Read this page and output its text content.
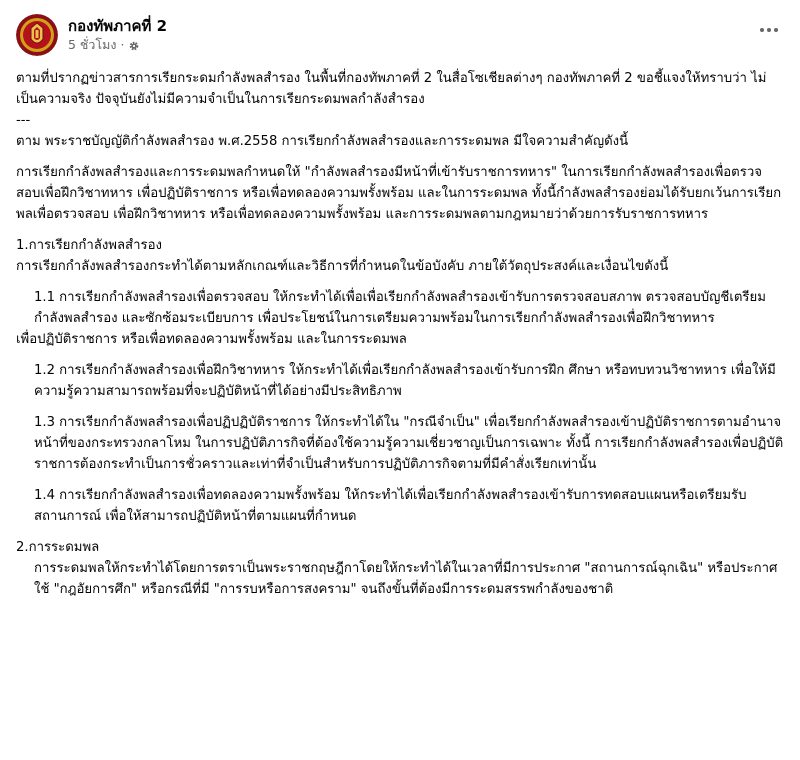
กองทัพภาคที่ 2
5 ชั่วโมง ·

ตามที่ปรากฏข่าวสารการเรียกระดมกำลังพลสำรอง ในพื้นที่กองทัพภาคที่ 2 ในสื่อโซเชียลต่างๆ กองทัพภาคที่ 2 ขอชี้แจงให้ทราบว่า ไม่เป็นความจริง ปัจจุบันยังไม่มีความจำเป็นในการเรียกระดมพลกำลังสำรอง

---

ตาม พระราชบัญญัติกำลังพลสำรอง พ.ศ.2558 การเรียกกำลังพลสำรองและการระดมพล มีใจความสำคัญดังนี้

การเรียกกำลังพลสำรองและการระดมพลกำหนดให้ "กำลังพลสำรองมีหน้าที่เข้ารับราชการทหาร" ในการเรียกกำลังพลสำรองเพื่อตรวจสอบเพื่อฝึกวิชาทหาร เพื่อปฏิบัติราชการ หรือเพื่อทดลองความพรั้งพร้อม และในการระดมพล ทั้งนี้กำลังพลสำรองย่อมได้รับยกเว้นการเรียกพลเพื่อตรวจสอบ เพื่อฝึกวิชาทหาร หรือเพื่อทดลองความพรั้งพร้อม และการระดมพลตามกฎหมายว่าด้วยการรับราชการทหาร

1.การเรียกกำลังพลสำรอง

การเรียกกำลังพลสำรองกระทำได้ตามหลักเกณฑ์และวิธีการที่กำหนดในข้อบังคับ ภายใต้วัตถุประสงค์และเงื่อนไขดังนี้

1.1 การเรียกกำลังพลสำรองเพื่อตรวจสอบ ให้กระทำได้เพื่อเพื่อเรียกกำลังพลสำรองเข้ารับการตรวจสอบสภาพ ตรวจสอบบัญชีเตรียมกำลังพลสำรอง และซักซ้อมระเบียบการ เพื่อประโยชน์ในการเตรียมความพร้อมในการเรียกกำลังพลสำรองเพื่อฝึกวิชาทหาร

เพื่อปฏิบัติราชการ หรือเพื่อทดลองความพรั้งพร้อม และในการระดมพล

1.2 การเรียกกำลังพลสำรองเพื่อฝึกวิชาทหาร ให้กระทำได้เพื่อเรียกกำลังพลสำรองเข้ารับการฝึก ศึกษา หรือทบทวนวิชาทหาร เพื่อให้มีความรู้ความสามารถพร้อมที่จะปฏิบัติหน้าที่ได้อย่างมีประสิทธิภาพ

1.3 การเรียกกำลังพลสำรองเพื่อปฏิปฏิบัติราชการ ให้กระทำได้ใน "กรณีจำเป็น" เพื่อเรียกกำลังพลสำรองเข้าปฏิบัติราชการตามอำนาจหน้าที่ของกระทรวงกลาโหม ในการปฏิบัติภารกิจที่ต้องใช้ความรู้ความเชี่ยวชาญเป็นการเฉพาะ ทั้งนี้ การเรียกกำลังพลสำรองเพื่อปฏิบัติราชการต้องกระทำเป็นการชั่วคราวและเท่าที่จำเป็นสำหรับการปฏิบัติภารกิจตามที่มีคำสั่งเรียกเท่านั้น

1.4 การเรียกกำลังพลสำรองเพื่อทดลองความพรั้งพร้อม ให้กระทำได้เพื่อเรียกกำลังพลสำรองเข้ารับการทดสอบแผนหรือเตรียมรับสถานการณ์ เพื่อให้สามารถปฏิบัติหน้าที่ตามแผนที่กำหนด

2.การระดมพล

การระดมพลให้กระทำได้โดยการตราเป็นพระราชกฤษฎีกาโดยให้กระทำได้ในเวลาที่มีการประกาศ "สถานการณ์ฉุกเฉิน" หรือประกาศใช้ "กฎอัยการศึก" หรือกรณีที่มี "การรบหรือการสงคราม" จนถึงขั้นที่ต้องมีการระดมสรรพกำลังของชาติ
